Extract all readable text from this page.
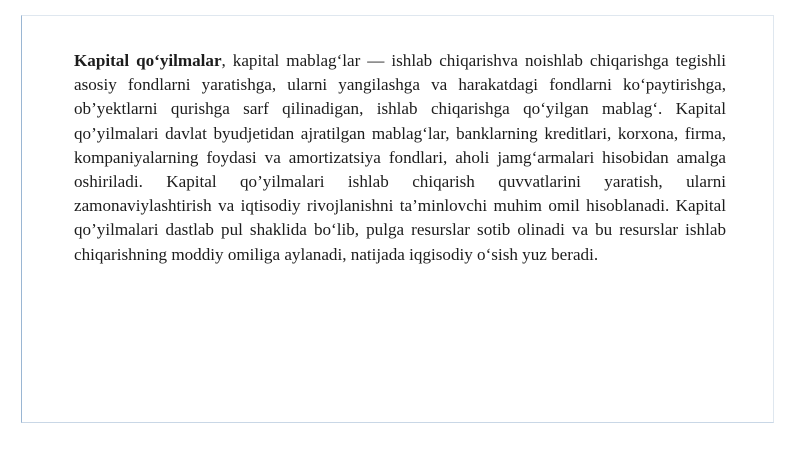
Kapital qo‘yilmalar, kapital mablag‘lar — ishlab chiqarishva noishlab chiqarishga tegishli asosiy fondlarni yaratishga, ularni yangilashga va harakatdagi fondlarni ko‘paytirishga, ob’yektlarni qurishga sarf qilinadigan, ishlab chiqarishga qo‘yilgan mablag‘. Kapital qo’yilmalari davlat byudjetidan ajratilgan mablag‘lar, banklarning kreditlari, korxona, firma, kompaniyalarning foydasi va amortizatsiya fondlari, aholi jamg‘armalari hisobidan amalga oshiriladi. Kapital qo’yilmalari ishlab chiqarish quvvatlarini yaratish, ularni zamonaviylashtirish va iqtisodiy rivojlanishni ta’minlovchi muhim omil hisoblanadi. Kapital qo’yilmalari dastlab pul shaklida bo‘lib, pulga resurslar sotib olinadi va bu resurslar ishlab chiqarishning moddiy omiliga aylanadi, natijada iqgisodiy o‘sish yuz beradi.
